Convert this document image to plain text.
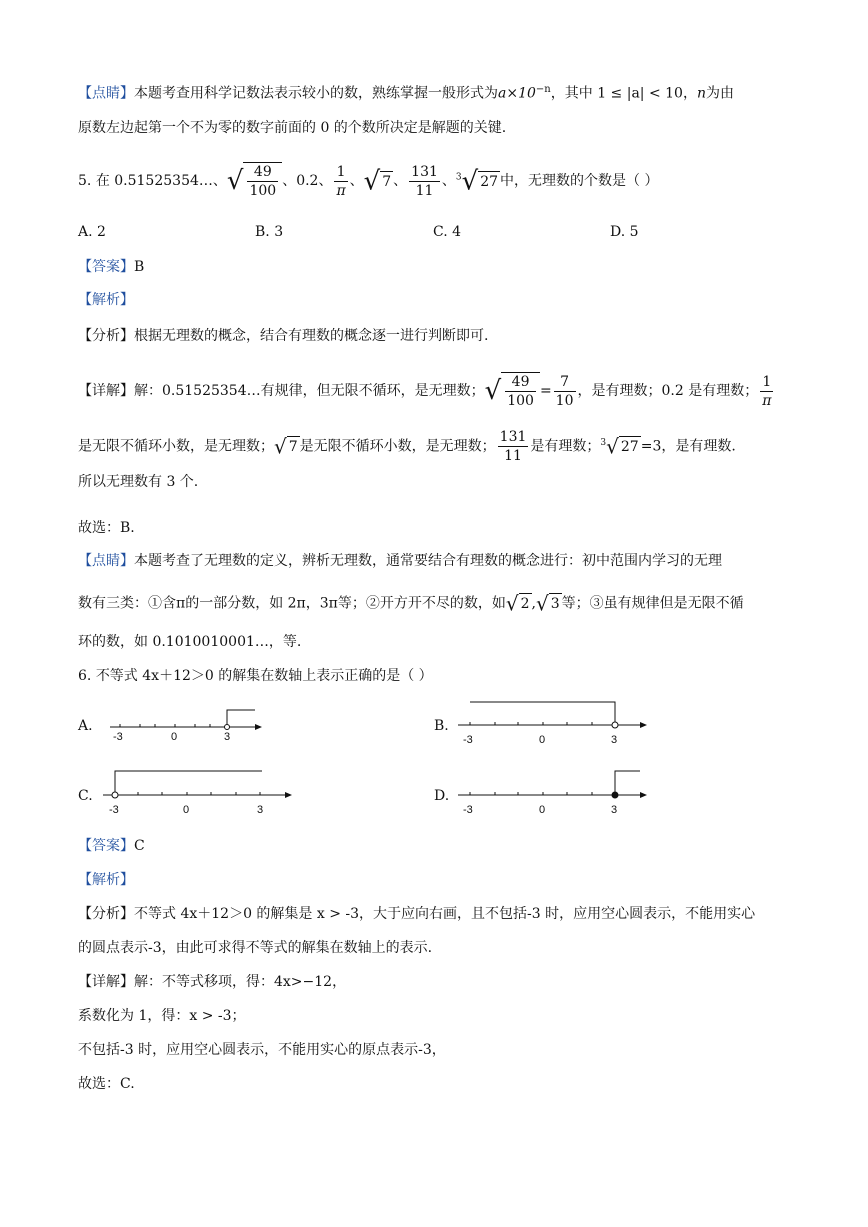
【点睛】本题考查用科学记数法表示较小的数，熟练掌握一般形式为$a\times 10^{-n}$，其中 1 ≤ |a| < 10，n为由
原数左边起第一个不为零的数字前面的 0 的个数所决定是解题的关键.
5. 在 0.51525354…、√ $\frac{49}{100}$ 、0.2、 $\frac{1}{\pi}$ 、√ 7 、 $\frac{131}{11}$ 、$^3$√ 27 中，无理数的个数是（ ）
A. 2	B. 3	C. 4	D. 5
【答案】B
【解析】
【分析】根据无理数的概念，结合有理数的概念逐一进行判断即可.
【详解】解：0.51525354…有规律，但无限不循环，是无理数；√ $\frac{49}{100} = \frac{7}{10}$ ，是有理数；0.2 是有理数； $\frac{1}{\pi}$
是无限不循环小数，是无理数；√ 7 是无限不循环小数，是无理数； $\frac{131}{11}$ 是有理数；$^3$√ 27 =3，是有理数.
所以无理数有 3 个.
故选：B.
【点睛】本题考查了无理数的定义，辨析无理数，通常要结合有理数的概念进行：初中范围内学习的无理
数有三类：①含π的一部分数，如 2π，3π等；②开方开不尽的数，如√ 2 ,√ 3 等；③虽有规律但是无限不循
环的数，如 0.1010010001…，等.
6. 不等式 4x＋12＞0 的解集在数轴上表示正确的是（ ）
A.
-3	0	3
B.
-3	0	3
C.
-3	0	3
D.
-3	0	3
【答案】C
【解析】
【分析】不等式 4x＋12＞0 的解集是 x > -3，大于应向右画，且不包括-3 时，应用空心圆表示，不能用实心
的圆点表示-3，由此可求得不等式的解集在数轴上的表示.
【详解】解：不等式移项，得：4x>−12，
系数化为 1，得：x > -3；
不包括-3 时，应用空心圆表示，不能用实心的原点表示-3，
故选：C.
